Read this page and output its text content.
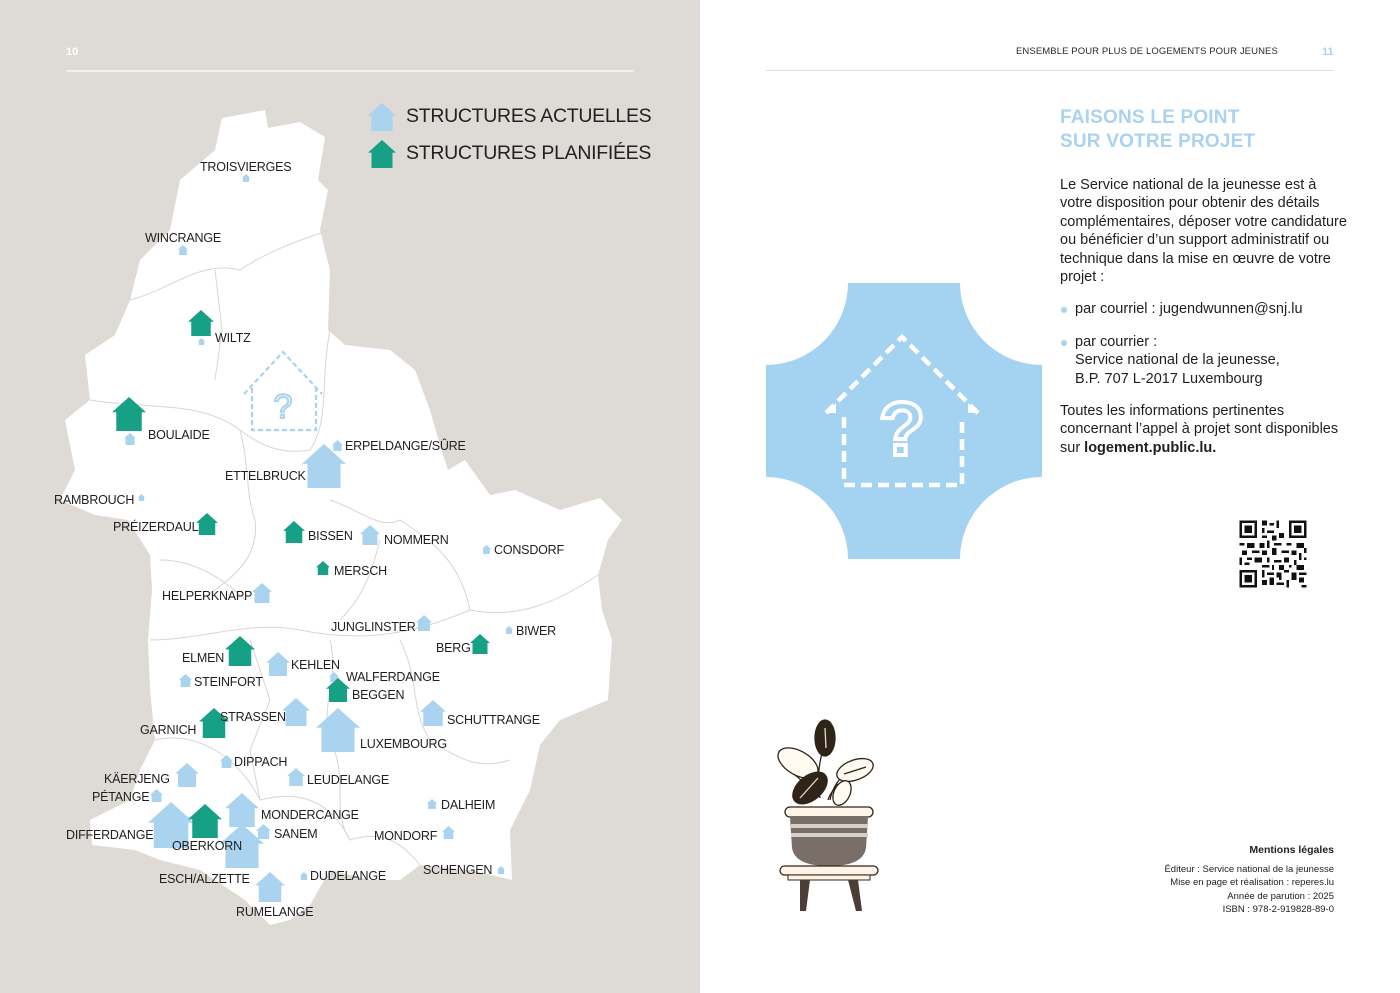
?
10
STRUCTURES ACTUELLES
STRUCTURES PLANIFIÉES
TROISVIERGES
WINCRANGE
WILTZ
BOULAIDE
ERPELDANGE/SÛRE
ETTELBRUCK
RAMBROUCH
PRÉIZERDAUL
BISSEN	NOMMERN
CONSDORF
MERSCH
HELPERKNAPP
JUNGLINSTER	BIWER
BERG
ELMEN	KEHLEN
WALFERDANGE
STEINFORT
BEGGEN
STRASSEN	SCHUTTRANGE
GARNICH
LUXEMBOURG
DIPPACH
KÄERJENG	LEUDELANGE
PÉTANGE
DALHEIM
MONDERCANGE
DIFFERDANGE	SANEM	MONDORF
OBERKORN
SCHENGEN
ESCH/ALZETTE	DUDELANGE
RUMELANGE
ENSEMBLE POUR PLUS DE LOGEMENTS POUR JEUNES	11
FAISONS LE POINT
SUR VOTRE PROJET

Le Service national de la jeunesse est à votre disposition pour obtenir des détails complémentaires, déposer votre candidature ou bénéficier d’un support administratif ou technique dans la mise en œuvre de votre projet :

par courriel : jugendwunnen@snj.lu
par courrier :
Service national de la jeunesse,
B.P. 707 L-2017 Luxembourg

Toutes les informations pertinentes concernant l’appel à projet sont disponibles sur logement.public.lu.

?
Mentions légales
Éditeur : Service national de la jeunesse
Mise en page et réalisation : reperes.lu
Année de parution : 2025
ISBN : 978-2-919828-89-0
